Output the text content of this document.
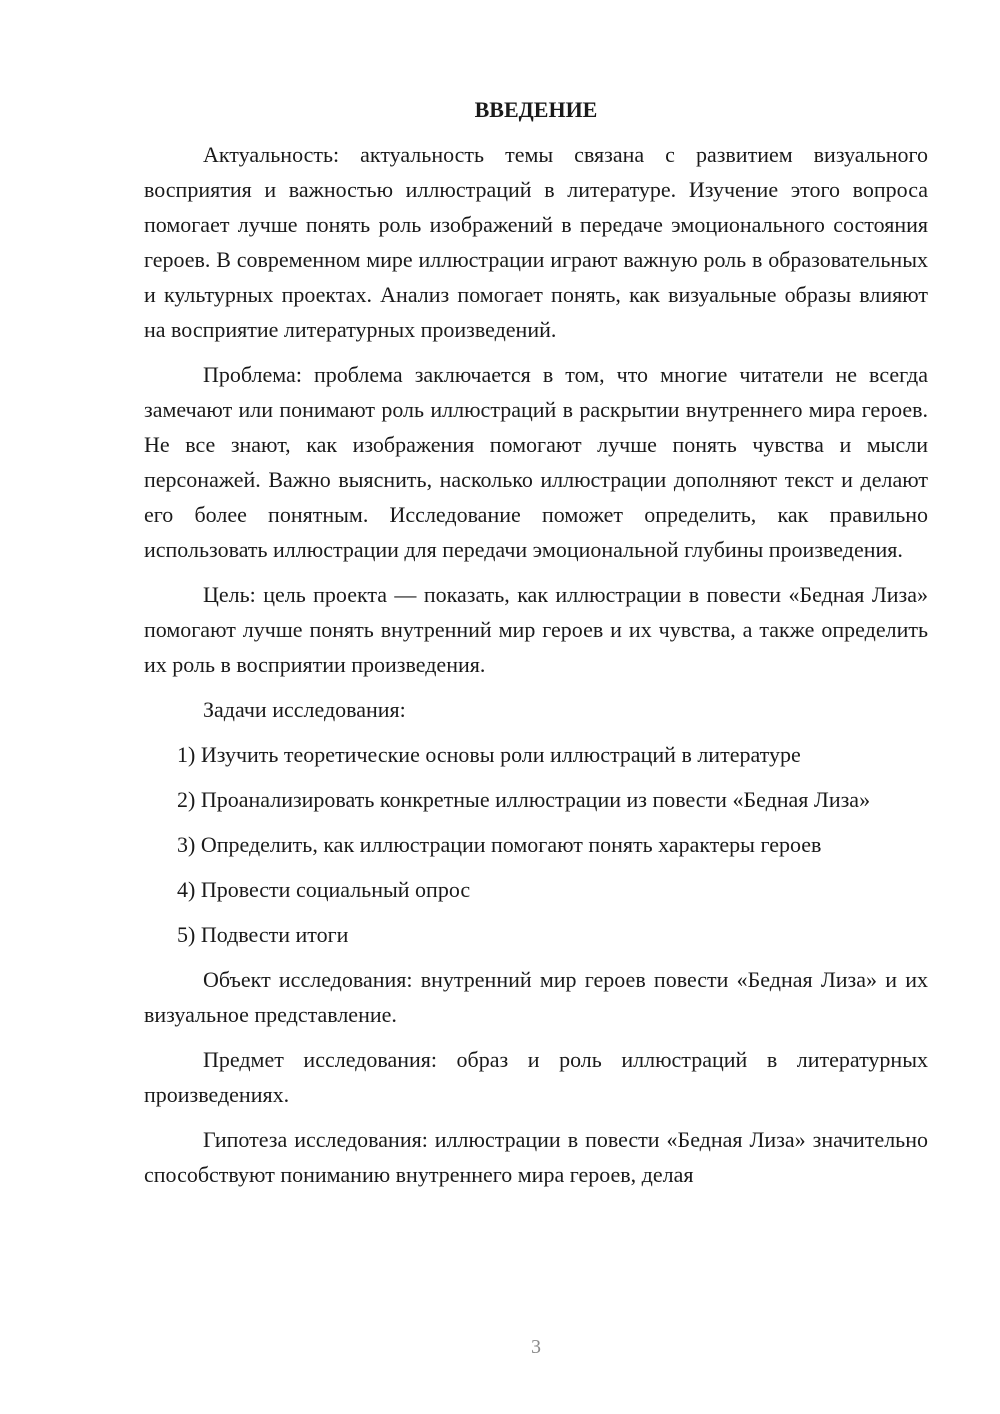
ВВЕДЕНИЕ

Актуальность: актуальность темы связана с развитием визуального восприятия и важностью иллюстраций в литературе. Изучение этого вопроса помогает лучше понять роль изображений в передаче эмоционального состояния героев. В современном мире иллюстрации играют важную роль в образовательных и культурных проектах. Анализ помогает понять, как визуальные образы влияют на восприятие литературных произведений.

Проблема: проблема заключается в том, что многие читатели не всегда замечают или понимают роль иллюстраций в раскрытии внутреннего мира героев. Не все знают, как изображения помогают лучше понять чувства и мысли персонажей. Важно выяснить, насколько иллюстрации дополняют текст и делают его более понятным. Исследование поможет определить, как правильно использовать иллюстрации для передачи эмоциональной глубины произведения.

Цель: цель проекта — показать, как иллюстрации в повести «Бедная Лиза» помогают лучше понять внутренний мир героев и их чувства, а также определить их роль в восприятии произведения.

Задачи исследования:

1) Изучить теоретические основы роли иллюстраций в литературе

2) Проанализировать конкретные иллюстрации из повести «Бедная Лиза»

3) Определить, как иллюстрации помогают понять характеры героев

4) Провести социальный опрос

5) Подвести итоги

Объект исследования: внутренний мир героев повести «Бедная Лиза» и их визуальное представление.

Предмет исследования: образ и роль иллюстраций в литературных произведениях.

Гипотеза исследования: иллюстрации в повести «Бедная Лиза» значительно способствуют пониманию внутреннего мира героев, делая

3
